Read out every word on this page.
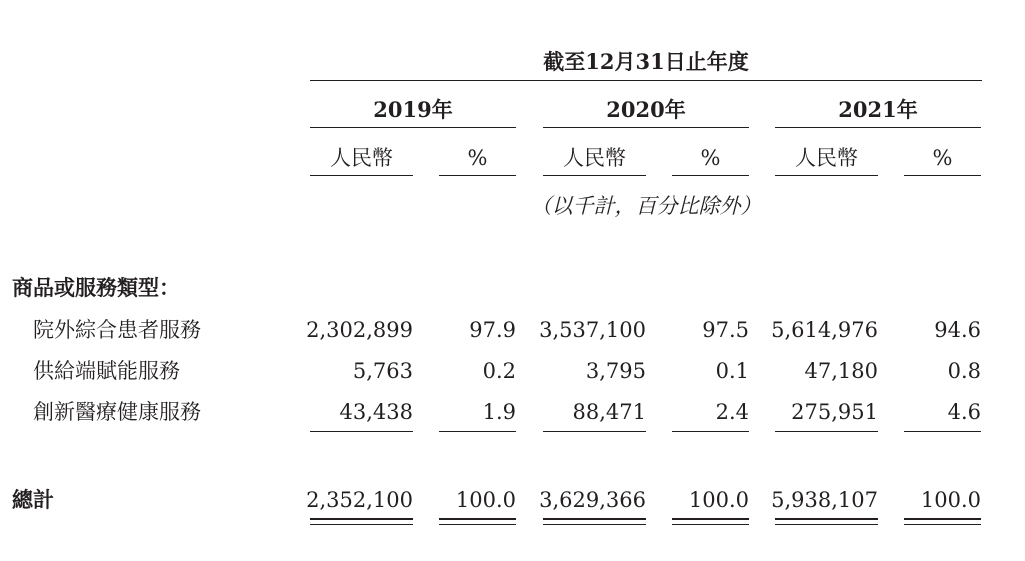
截至12月31日止年度
2019年	2020年	2021年
人民幣	%	人民幣	%	人民幣	%
（以千計，百分比除外）
商品或服務類型：
院外綜合患者服務	2,302,899	97.9 3,537,100	97.5 5,614,976	94.6
供給端賦能服務	5,763	0.2	3,795	0.1	47,180	0.8
創新醫療健康服務	43,438	1.9	88,471	2.4	275,951	4.6
總計	2,352,100	100.0 3,629,366	100.0 5,938,107	100.0
